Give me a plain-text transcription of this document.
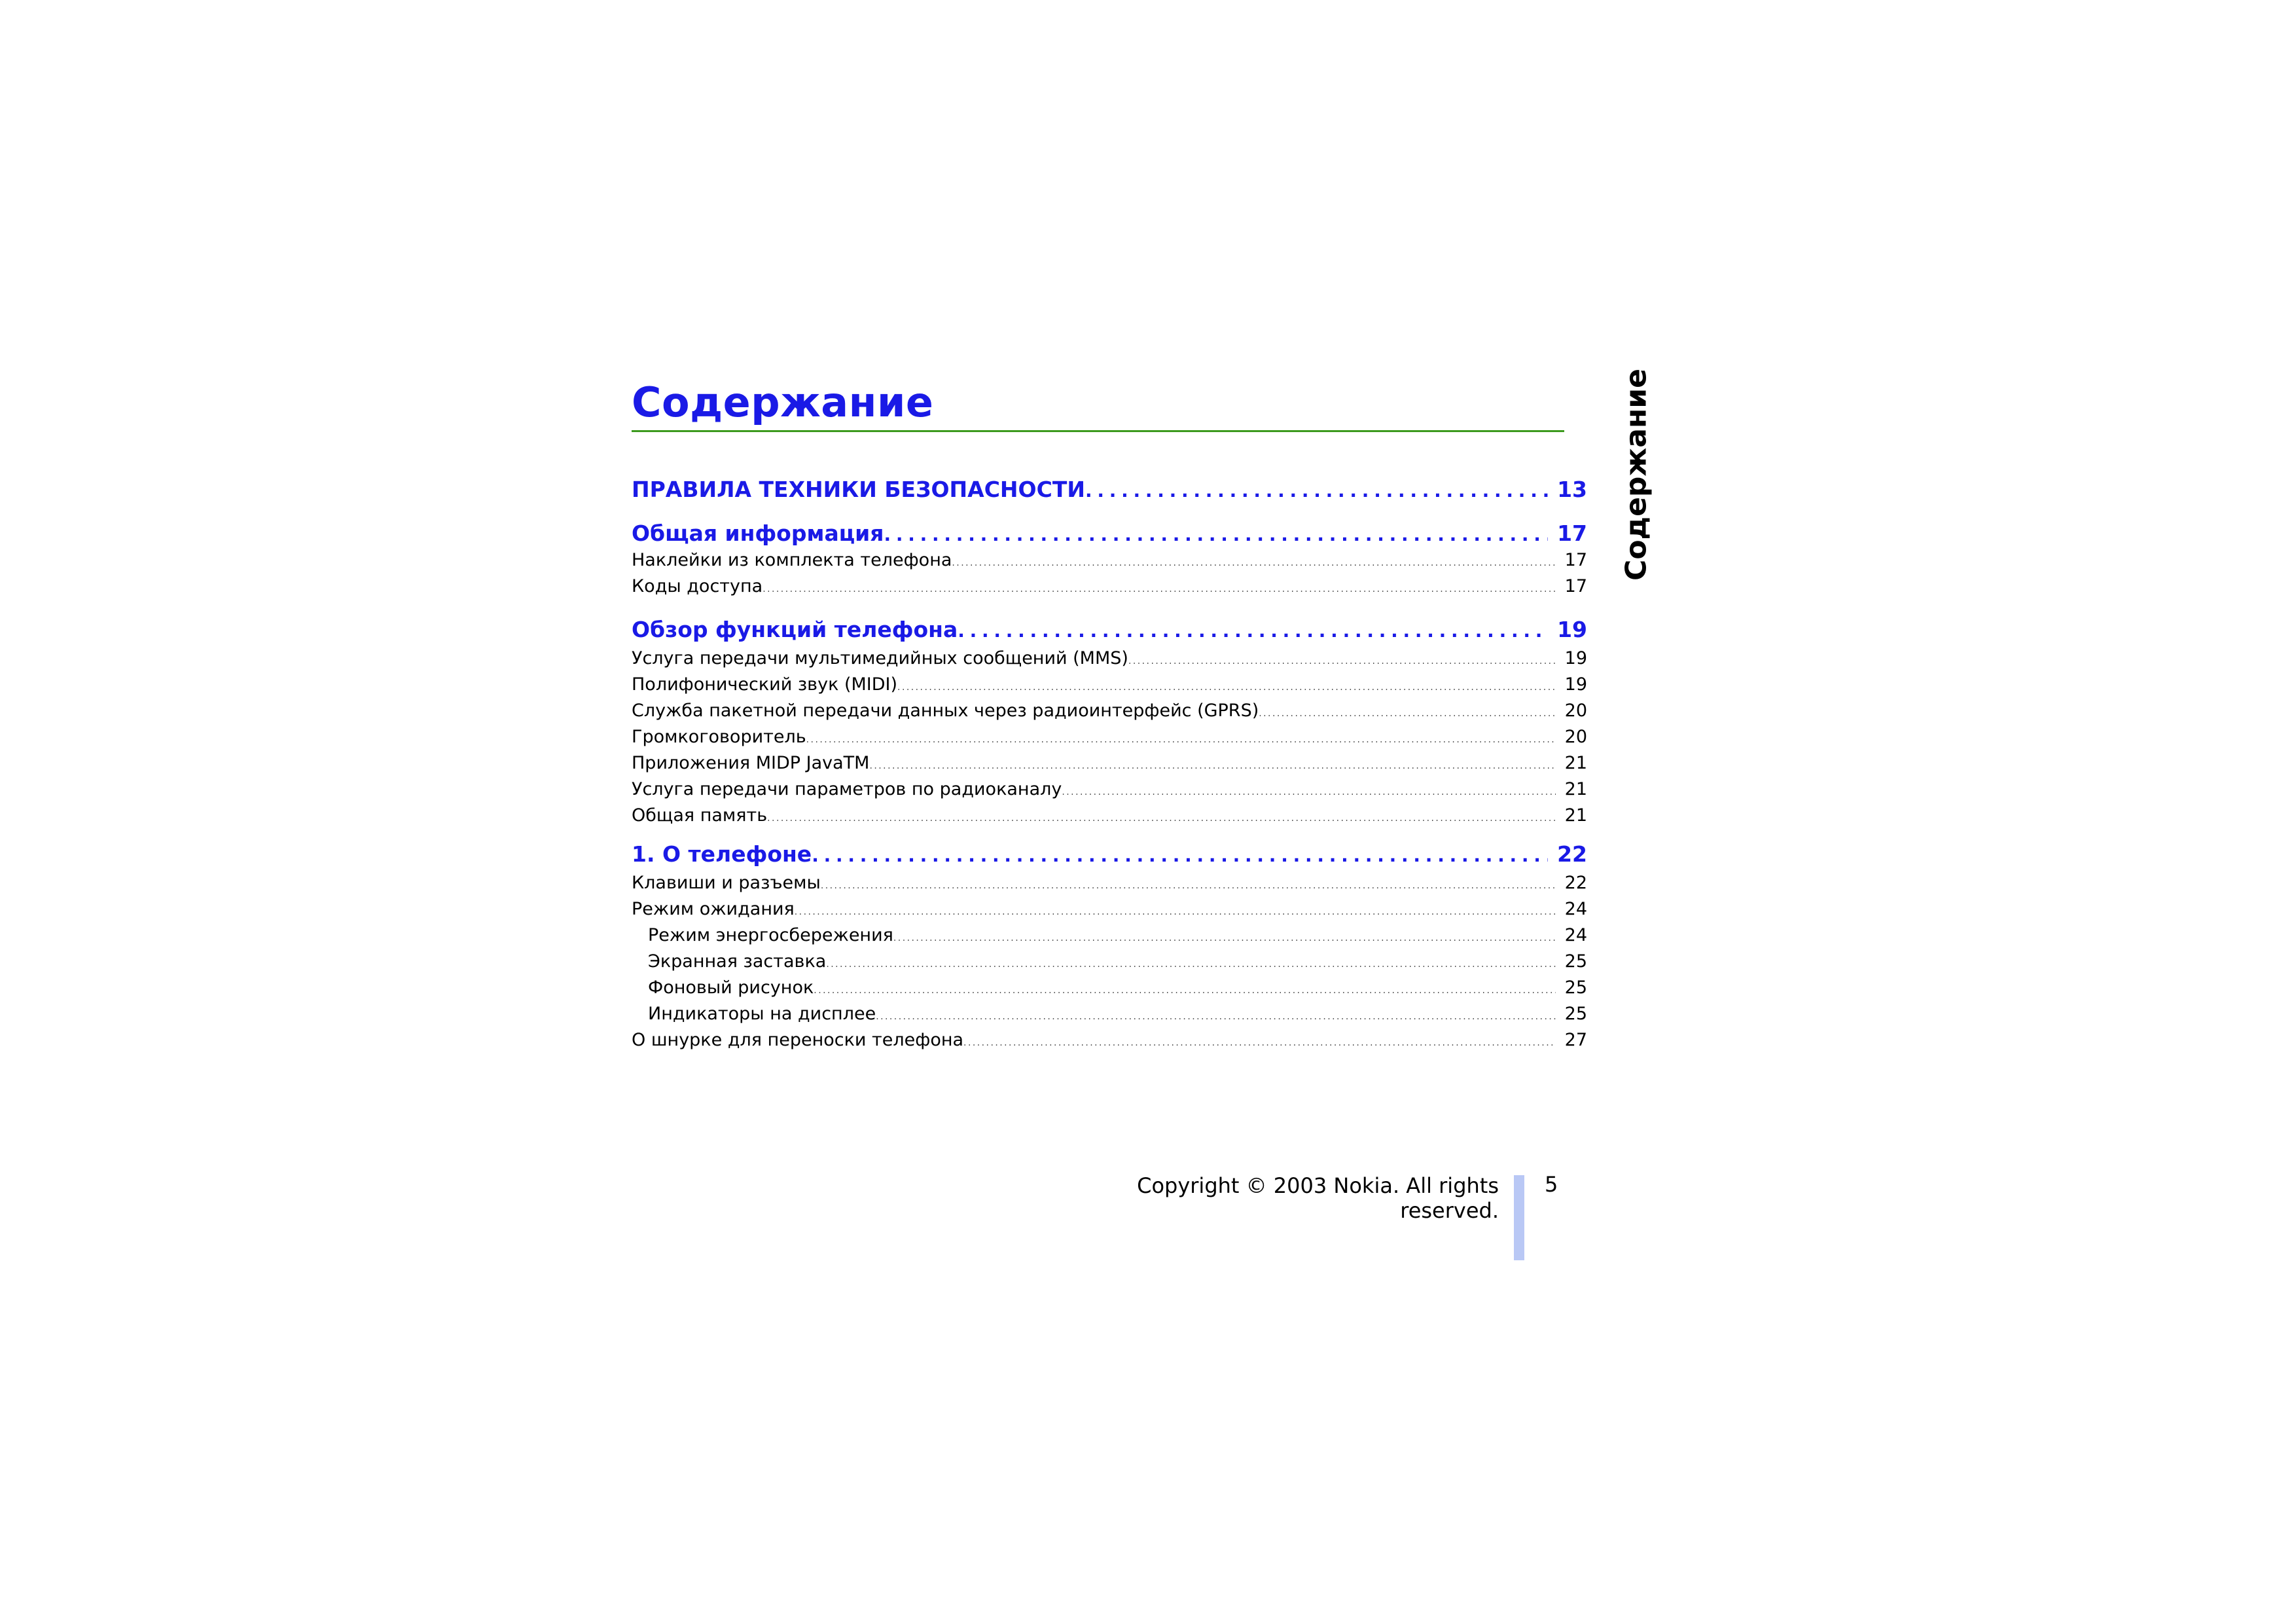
Содержание	Содержание
ПРАВИЛА ТЕХНИКИ БЕЗОПАСНОСТИ . . .	13
Общая информация . . .	17
Наклейки из комплекта телефона . . .	17
Коды доступа . . .	17
Обзор функций телефона . . .	19
Услуга передачи мультимедийных сообщений (MMS) . . .	19
Полифонический звук (MIDI) . . .	19
Служба пакетной передачи данных через радиоинтерфейс (GPRS) . . .	20
Громкоговоритель . . .	20
Приложения MIDP JavaTM . . .	21
Услуга передачи параметров по радиоканалу . . .	21
Общая память . . .	21
1. О телефоне . . .	22
Клавиши и разъемы . . .	22
Режим ожидания . . .	24
Режим энергосбережения . . .	24
Экранная заставка . . .	25
Фоновый рисунок . . .	25
Индикаторы на дисплее . . .	25
О шнурке для переноски телефона . . .	27
Copyright © 2003 Nokia. All rights reserved.
5
